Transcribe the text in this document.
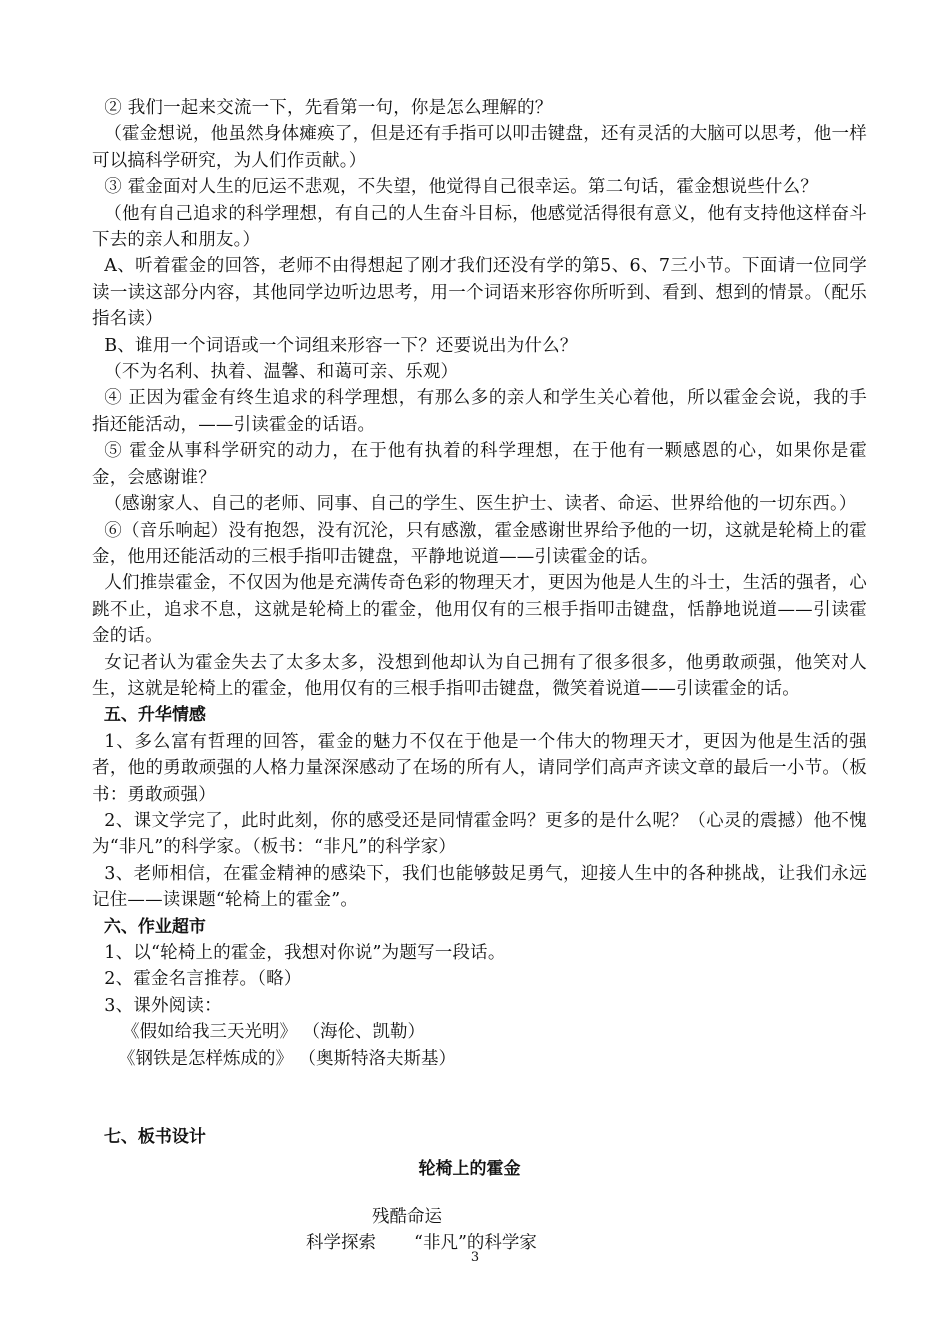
② 我们一起来交流一下，先看第一句，你是怎么理解的？

（霍金想说，他虽然身体瘫痪了，但是还有手指可以叩击键盘，还有灵活的大脑可以思考，他一样可以搞科学研究，为人们作贡献。）

③ 霍金面对人生的厄运不悲观，不失望，他觉得自己很幸运。第二句话，霍金想说些什么？

（他有自己追求的科学理想，有自己的人生奋斗目标，他感觉活得很有意义，他有支持他这样奋斗下去的亲人和朋友。）

A、听着霍金的回答，老师不由得想起了刚才我们还没有学的第5、6、7三小节。下面请一位同学读一读这部分内容，其他同学边听边思考，用一个词语来形容你所听到、看到、想到的情景。（配乐指名读）

B、谁用一个词语或一个词组来形容一下？还要说出为什么？

（不为名利、执着、温馨、和蔼可亲、乐观）

④ 正因为霍金有终生追求的科学理想，有那么多的亲人和学生关心着他，所以霍金会说，我的手指还能活动，——引读霍金的话语。

⑤ 霍金从事科学研究的动力，在于他有执着的科学理想，在于他有一颗感恩的心，如果你是霍金，会感谢谁？

（感谢家人、自己的老师、同事、自己的学生、医生护士、读者、命运、世界给他的一切东西。）

⑥（音乐响起）没有抱怨，没有沉沦，只有感激，霍金感谢世界给予他的一切，这就是轮椅上的霍金，他用还能活动的三根手指叩击键盘，平静地说道——引读霍金的话。

人们推崇霍金，不仅因为他是充满传奇色彩的物理天才，更因为他是人生的斗士，生活的强者，心跳不止，追求不息，这就是轮椅上的霍金，他用仅有的三根手指叩击键盘，恬静地说道——引读霍金的话。

女记者认为霍金失去了太多太多，没想到他却认为自己拥有了很多很多，他勇敢顽强，他笑对人生，这就是轮椅上的霍金，他用仅有的三根手指叩击键盘，微笑着说道——引读霍金的话。

五、升华情感

1、多么富有哲理的回答，霍金的魅力不仅在于他是一个伟大的物理天才，更因为他是生活的强者，他的勇敢顽强的人格力量深深感动了在场的所有人，请同学们高声齐读文章的最后一小节。（板书：勇敢顽强）

2、课文学完了，此时此刻，你的感受还是同情霍金吗？更多的是什么呢？（心灵的震撼）他不愧为“非凡”的科学家。（板书：“非凡”的科学家）

3、老师相信，在霍金精神的感染下，我们也能够鼓足勇气，迎接人生中的各种挑战，让我们永远记住——读课题“轮椅上的霍金”。

六、作业超市

1、以“轮椅上的霍金，我想对你说”为题写一段话。

2、霍金名言推荐。（略）

3、课外阅读：

《假如给我三天光明》 （海伦、凯勒）

《钢铁是怎样炼成的》 （奥斯特洛夫斯基）

七、板书设计
轮椅上的霍金

残酷命运

科学探索 “非凡”的科学家

3
